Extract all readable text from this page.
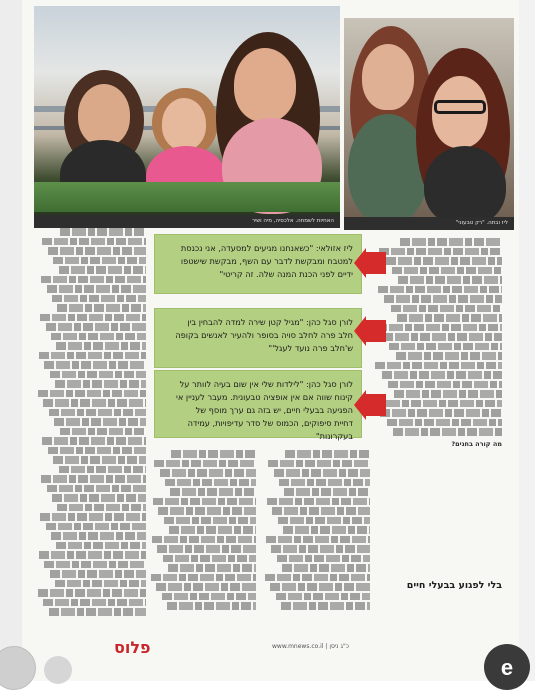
האחיות לשמחה. אלכסיה, מיה ושיר	ליז ובתה. "רק טבעוני"
מה קורה בחגים?
ליז אזולאי: "כשאנחנו מגיעים למסעדה, אני נכנסת למטבח ומבקשת לדבר עם השף, מבקשת שישטפו ידיים לפני הכנת המנה שלה. זה קריטי"
לורן סגל כהן: "מגיל קטן שירה למדה להבחין בין חלב פרה לחלב סויה בסופר ולהעיר לאנשים בקופה ש'חלב פרה נועד לעגל'"
לורן סגל כהן: "לילדות שלי אין שום בעיה לוותר על קינוח שווה אם אין אופציה טבעונית. מעבר לעניין אי הפגיעה בבעלי חיים, יש בזה גם ערך מוסף של דחיית סיפוקים, הכמוס של סדר עדיפויות, עמידה בעקרונות"
בלי לפגוע בבעלי חיים
פלוס	www.mnews.co.il | כ"ג ניסן
e
